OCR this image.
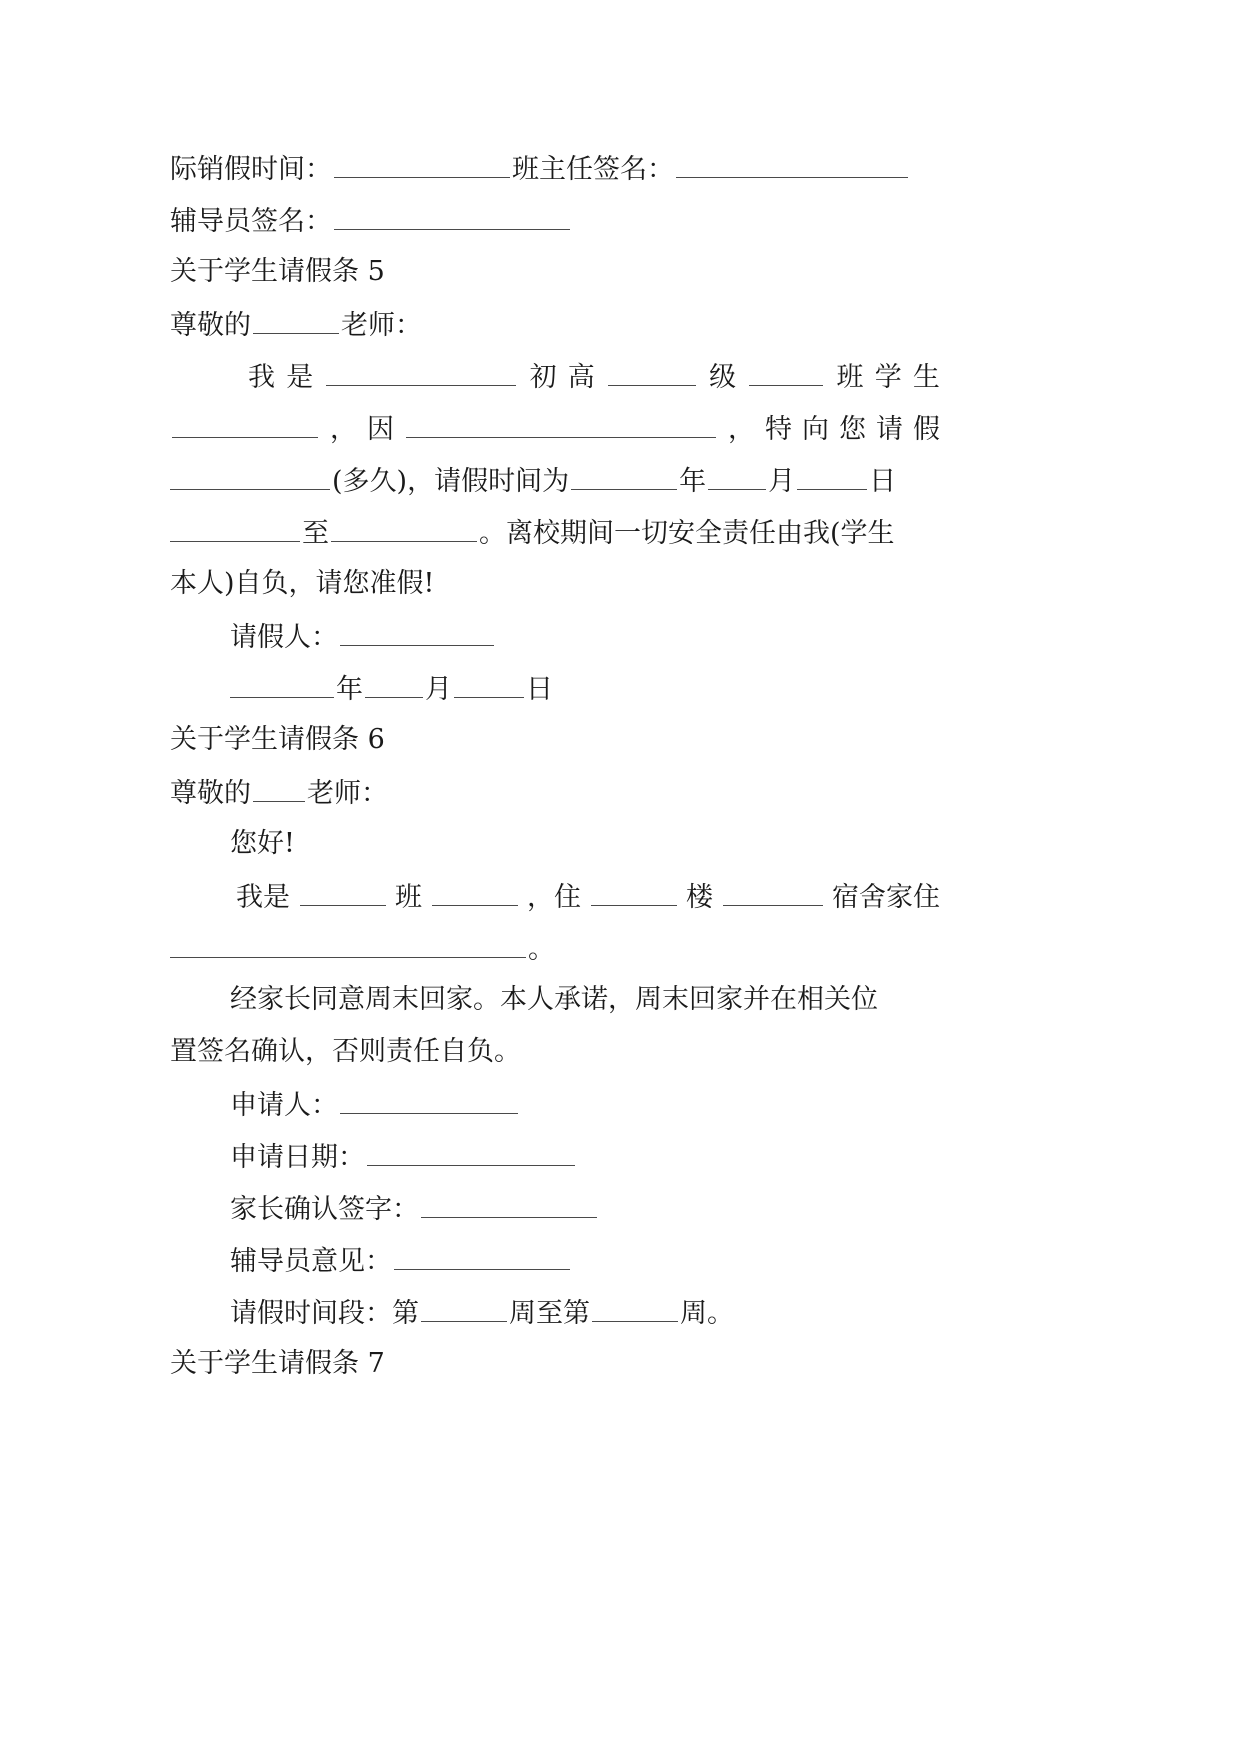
际销假时间：	班主任签名：
辅导员签名：
关于学生请假条 5
尊敬的	老师：
我 是	初 高	级	班 学 生
， 因	， 特 向 您 请 假
(多久)，请假时间为	年 月	日
至	。离校期间一切安全责任由我(学生
本人)自负，请您准假!
请假人：
年 月	日
关于学生请假条 6
尊敬的 老师：
您好!
我是	班	，住	楼	宿舍家住
。
经家长同意周末回家。本人承诺，周末回家并在相关位
置签名确认，否则责任自负。
申请人：
申请日期：
家长确认签字：
辅导员意见：
请假时间段：第	周至第	周。
关于学生请假条 7
